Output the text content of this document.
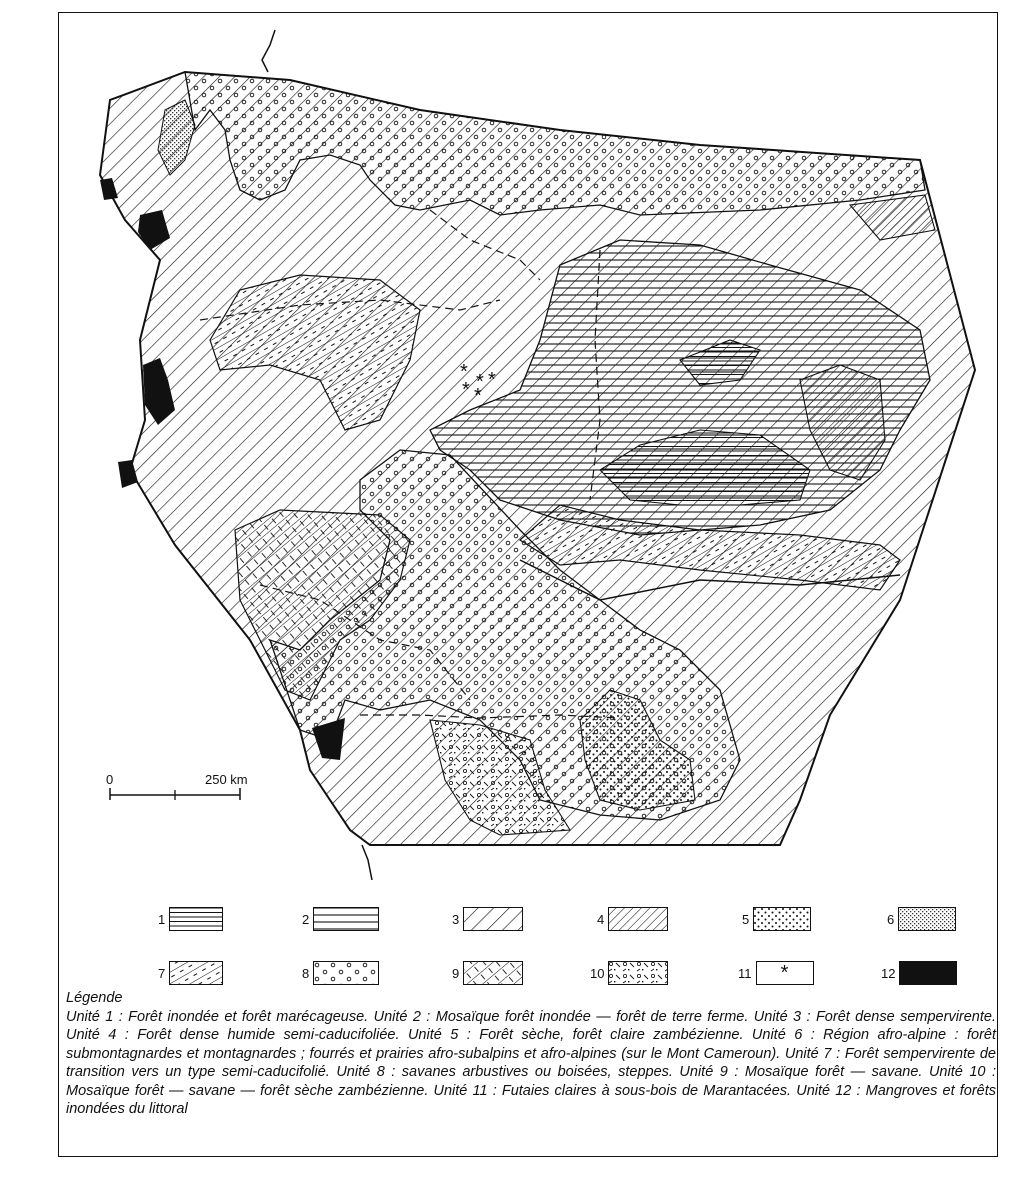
* * *
* *
0	250 km
1	2	3	4	5	6
7	8	9	10	11	*	12
Légende

Unité 1 : Forêt inondée et forêt marécageuse. Unité 2 : Mosaïque forêt inondée — forêt de terre ferme. Unité 3 : Forêt dense sempervirente. Unité 4 : Forêt dense humide semi-caducifoliée. Unité 5 : Forêt sèche, forêt claire zambézienne. Unité 6 : Région afro-alpine : forêt submontagnardes et montagnardes ; fourrés et prairies afro-subalpins et afro-alpines (sur le Mont Cameroun). Unité 7 : Forêt sempervirente de transition vers un type semi-caducifolié. Unité 8 : savanes arbustives ou boisées, steppes. Unité 9 : Mosaïque forêt — savane. Unité 10 : Mosaïque forêt — savane — forêt sèche zambézienne. Unité 11 : Futaies claires à sous-bois de Marantacées. Unité 12 : Mangroves et forêts inondées du littoral
